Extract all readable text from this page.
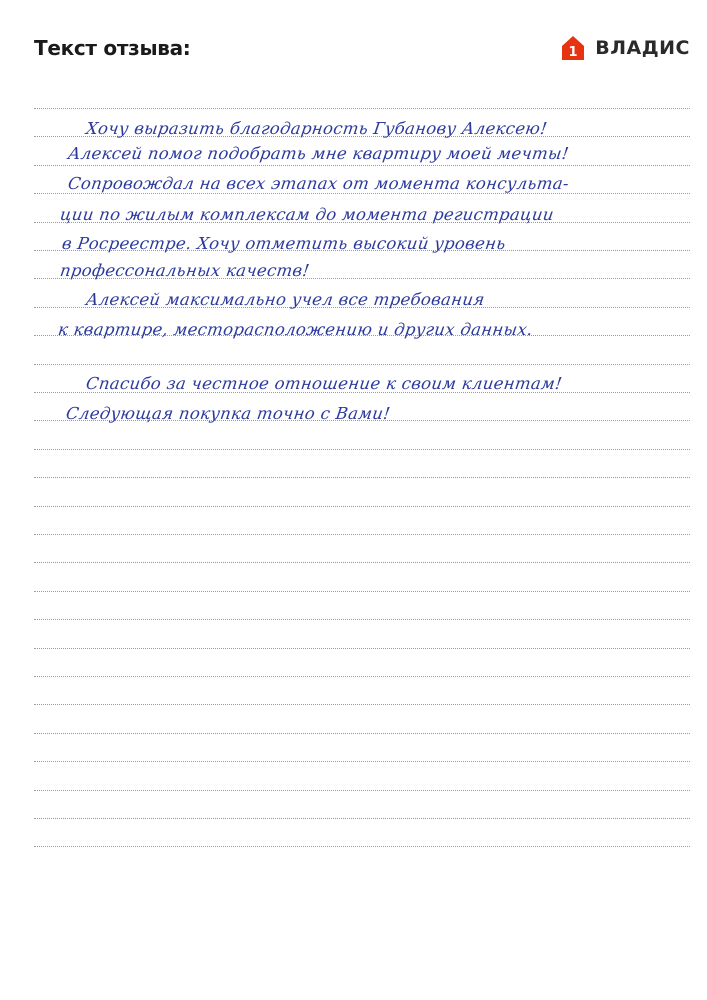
Текст отзыва:	1 ВЛАДИС
Хочу выразить благодарность Губанову Алексею!
Алексей помог подобрать мне квартиру моей мечты!
Сопровождал на всех этапах от момента консульта-
ции по жилым комплексам до момента регистрации
в Росреестре. Хочу отметить высокий уровень
профессональных качеств!
Алексей максимально учел все требования
к квартире, месторасположению и других данных.
Спасибо за честное отношение к своим клиентам!
Следующая покупка точно с Вами!
